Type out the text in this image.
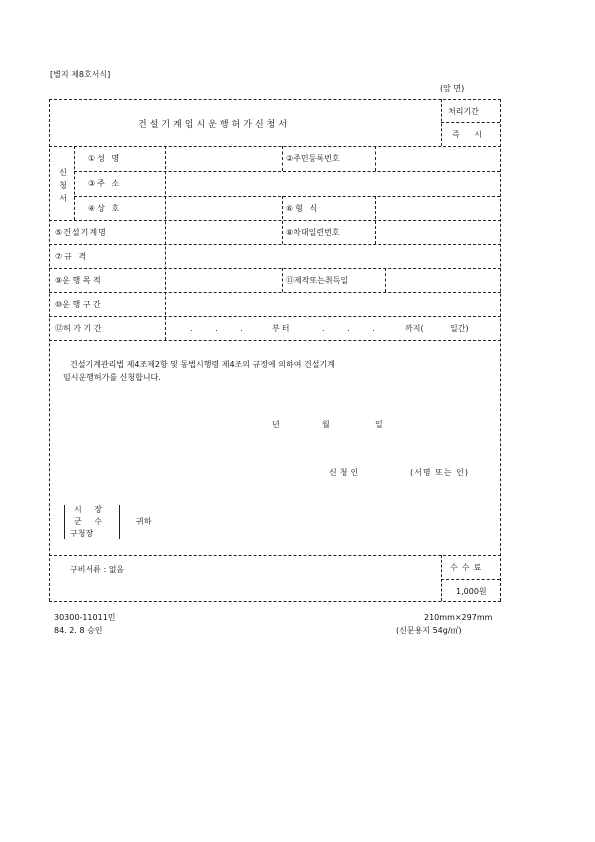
[별지 제8호서식]
(앞 면)
건설기계임시운행허가신청서
처리기간
즉 시
신청서
①성 명	②주민등록번호
③주 소
④상 호	⑥형 식
⑤건설기계명	⑧차대일련번호
⑦규 격
⑨운 행 목 적	⑪제작또는취득일
⑩운 행 구 간
⑫허 가 기 간	. . . 부터	. . .	까지(	일간)
건설기계관리법 제4조제2항 및 동법시행령 제4조의 규정에 의하여 건설기계
임시운행허가를 신청합니다.
년	월	일
신청인	(서명 또는 인)
시 장
군 수
구청장
귀하
구비서류 : 없음	수수료
1,000원
30300-11011민
84. 2. 8 승인
210mm×297mm
(신문용지 54g/㎡)
